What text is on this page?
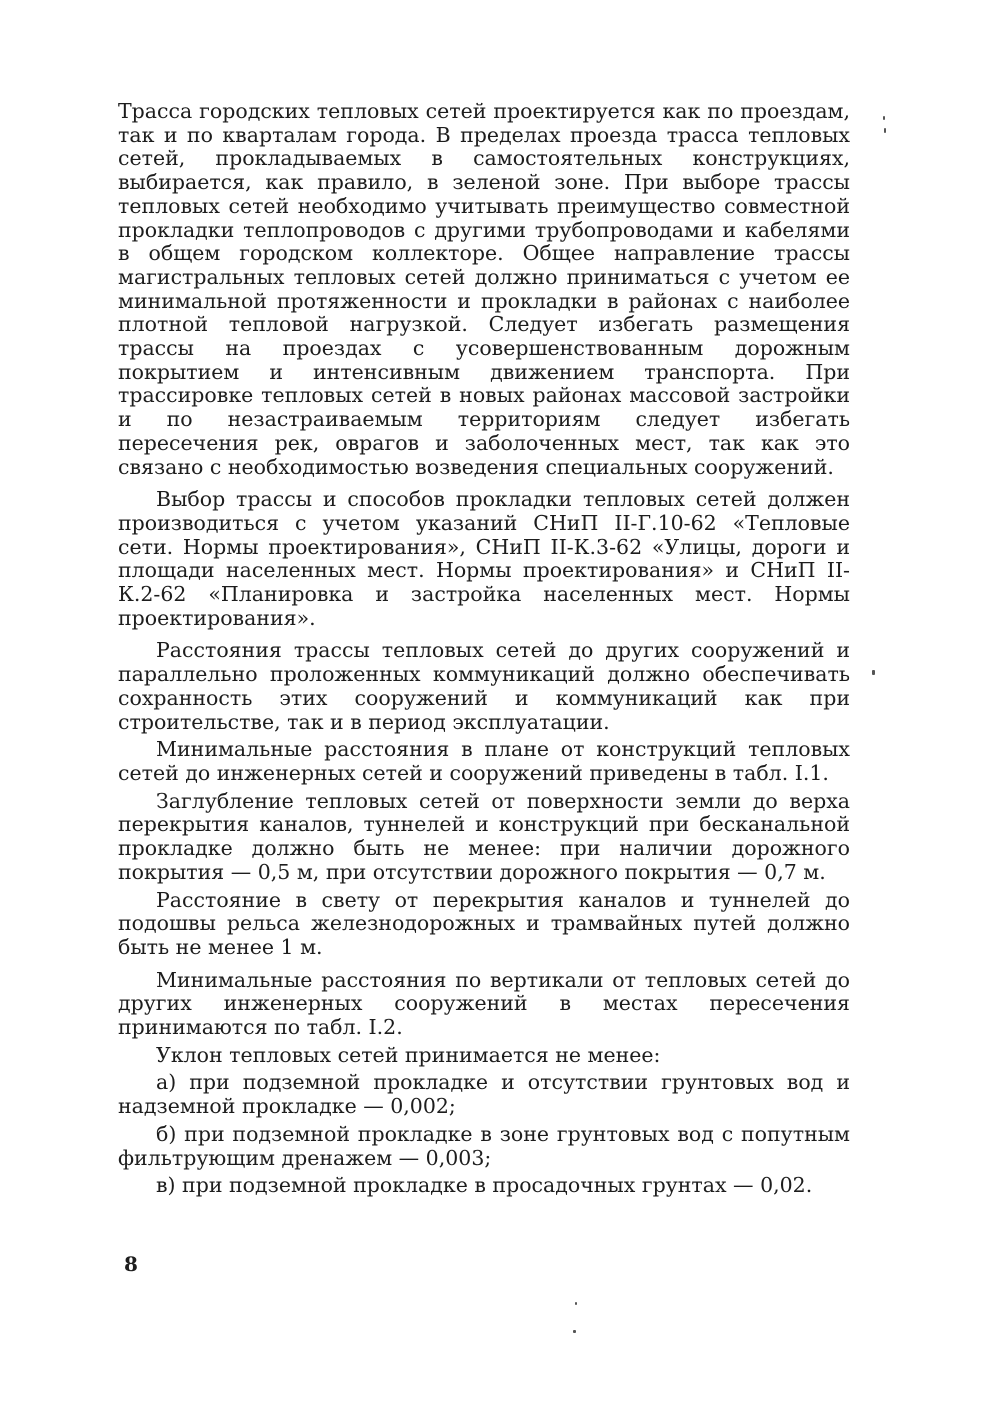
Трасса городских тепловых сетей проектируется как по проездам, так и по кварталам города. В пределах проезда трасса тепловых сетей, прокладываемых в самостоятельных конструкциях, выбирается, как правило, в зеленой зоне. При выборе трассы тепловых сетей необходимо учитывать преимущество совместной прокладки теплопроводов с другими трубопроводами и кабелями в общем городском коллекторе. Общее направление трассы магистральных тепловых сетей должно приниматься с учетом ее минимальной протяженности и прокладки в районах с наиболее плотной тепловой нагрузкой. Следует избегать размещения трассы на проездах с усовершенствованным дорожным покрытием и интенсивным движением транспорта. При трассировке тепловых сетей в новых районах массовой застройки и по незастраиваемым территориям следует избегать пересечения рек, оврагов и заболоченных мест, так как это связано с необходимостью возведения специальных сооружений.

Выбор трассы и способов прокладки тепловых сетей должен производиться с учетом указаний СНиП II-Г.10-62 «Тепловые сети. Нормы проектирования», СНиП II-К.3-62 «Улицы, дороги и площади населенных мест. Нормы проектирования» и СНиП II-К.2-62 «Планировка и застройка населенных мест. Нормы проектирования».

Расстояния трассы тепловых сетей до других сооружений и параллельно проложенных коммуникаций должно обеспечивать сохранность этих сооружений и коммуникаций как при строительстве, так и в период эксплуатации.

Минимальные расстояния в плане от конструкций тепловых сетей до инженерных сетей и сооружений приведены в табл. I.1.

Заглубление тепловых сетей от поверхности земли до верха перекрытия каналов, туннелей и конструкций при бесканальной прокладке должно быть не менее: при наличии дорожного покрытия — 0,5 м, при отсутствии дорожного покрытия — 0,7 м.

Расстояние в свету от перекрытия каналов и туннелей до подошвы рельса железнодорожных и трамвайных путей должно быть не менее 1 м.

Минимальные расстояния по вертикали от тепловых сетей до других инженерных сооружений в местах пересечения принимаются по табл. I.2.

Уклон тепловых сетей принимается не менее:

а) при подземной прокладке и отсутствии грунтовых вод и надземной прокладке — 0,002;

б) при подземной прокладке в зоне грунтовых вод с попутным фильтрующим дренажем — 0,003;

в) при подземной прокладке в просадочных грунтах — 0,02.

8
